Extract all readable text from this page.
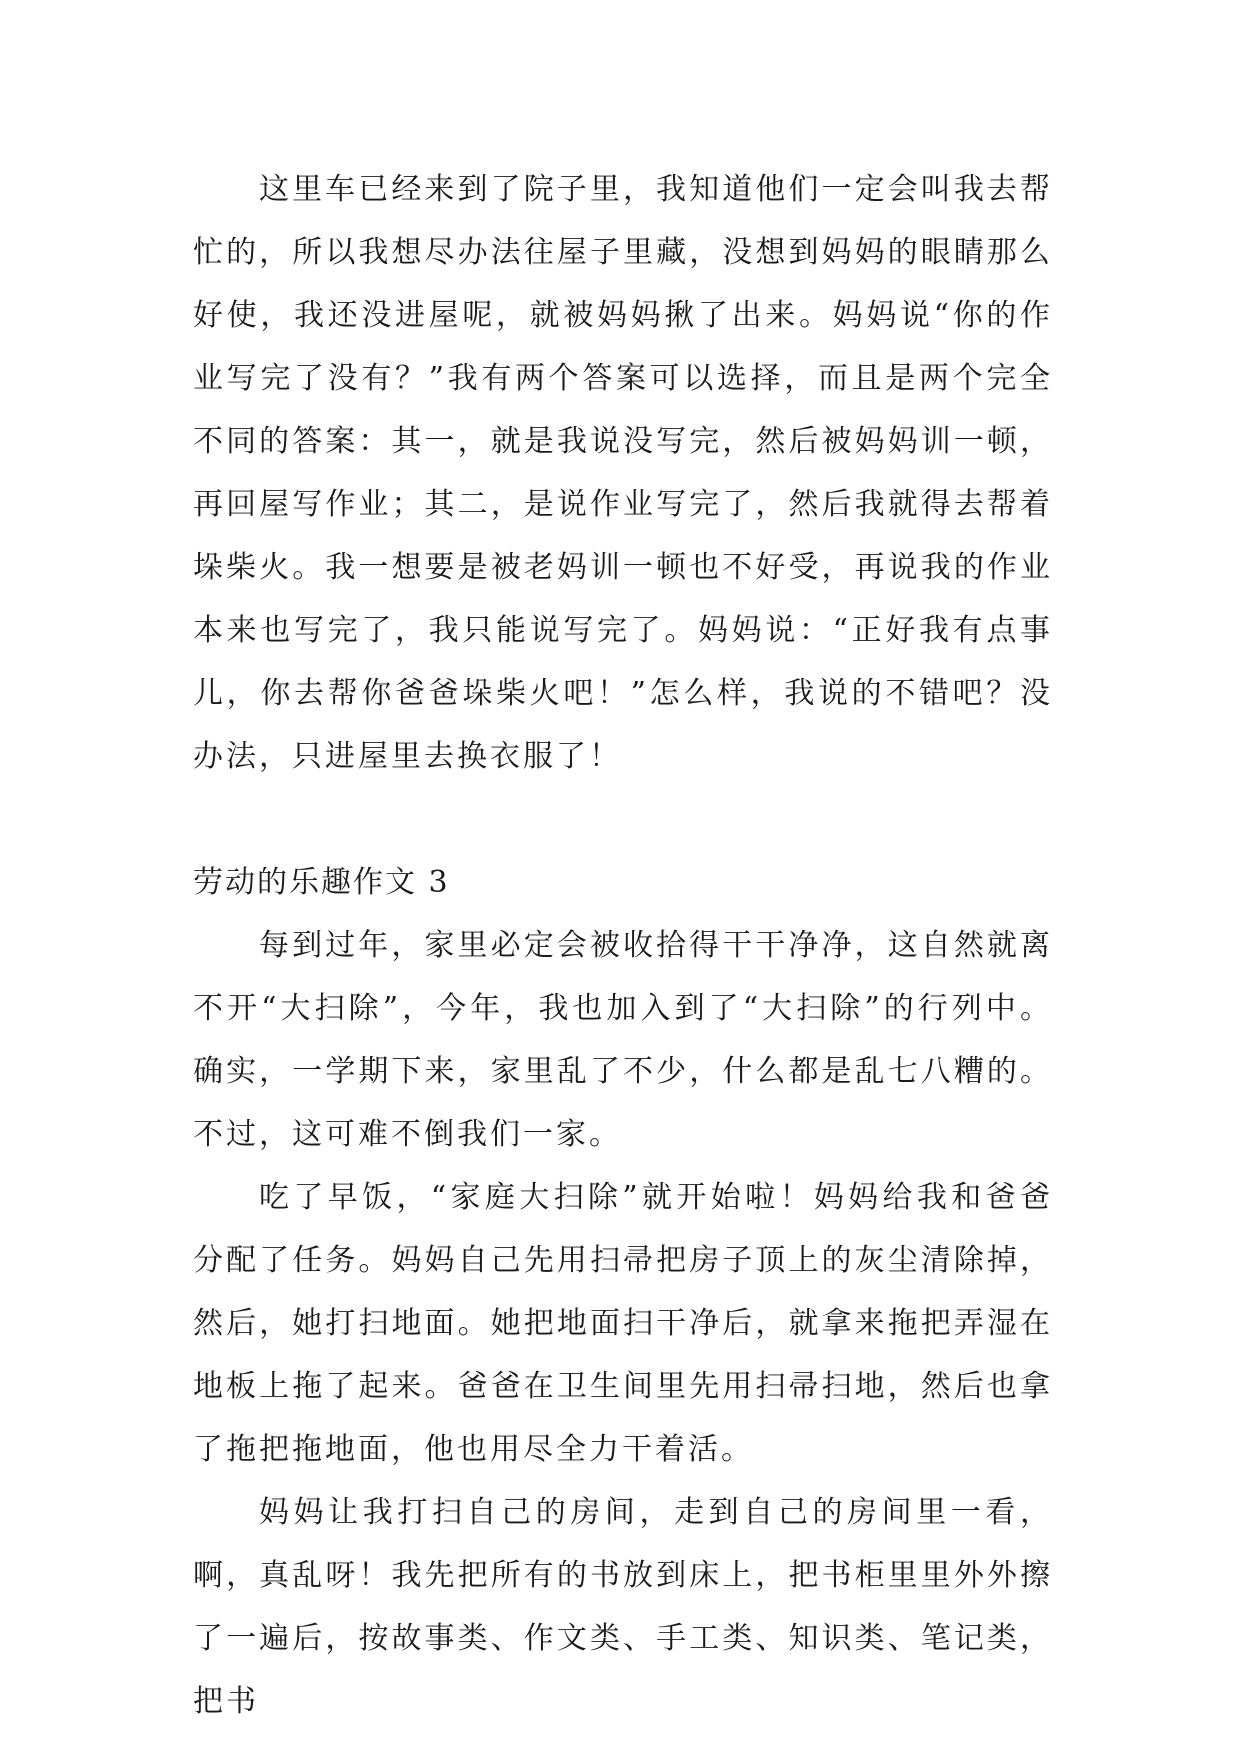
这里车已经来到了院子里，我知道他们一定会叫我去帮忙的，所以我想尽办法往屋子里藏，没想到妈妈的眼睛那么好使，我还没进屋呢，就被妈妈揪了出来。妈妈说“你的作业写完了没有？”我有两个答案可以选择，而且是两个完全不同的答案：其一，就是我说没写完，然后被妈妈训一顿，再回屋写作业；其二，是说作业写完了，然后我就得去帮着垛柴火。我一想要是被老妈训一顿也不好受，再说我的作业本来也写完了，我只能说写完了。妈妈说：“正好我有点事儿，你去帮你爸爸垛柴火吧！”怎么样，我说的不错吧？没办法，只进屋里去换衣服了！

劳动的乐趣作文 3

每到过年，家里必定会被收拾得干干净净，这自然就离不开“大扫除”，今年，我也加入到了“大扫除”的行列中。确实，一学期下来，家里乱了不少，什么都是乱七八糟的。不过，这可难不倒我们一家。

吃了早饭，“家庭大扫除”就开始啦！妈妈给我和爸爸分配了任务。妈妈自己先用扫帚把房子顶上的灰尘清除掉，然后，她打扫地面。她把地面扫干净后，就拿来拖把弄湿在地板上拖了起来。爸爸在卫生间里先用扫帚扫地，然后也拿了拖把拖地面，他也用尽全力干着活。

妈妈让我打扫自己的房间，走到自己的房间里一看，啊，真乱呀！我先把所有的书放到床上，把书柜里里外外擦了一遍后，按故事类、作文类、手工类、知识类、笔记类，把书
